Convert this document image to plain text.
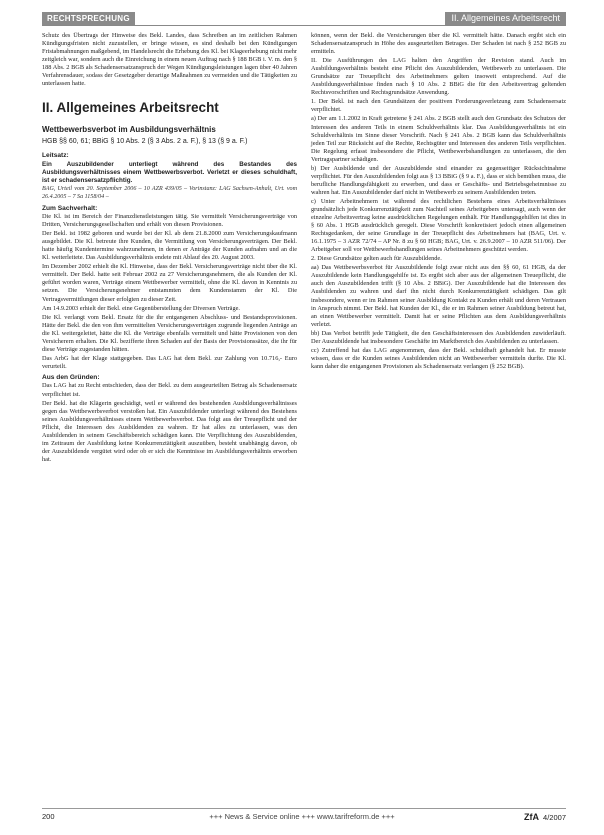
RECHTSPRECHUNG	II. Allgemeines Arbeitsrecht

Schutz des Übertrags der Hinweise des Bekl. Landes, dass Schreiben an im zeitlichen Rahmen Kündigungsfristen nicht zuzustellen, er bringe wissen, es sind deshalb bei den Kündigungen Fristabmahnungen maßgebend, im Handelsrecht die Erhebung des Kl. bei Klageerhebung nicht mehr zeitgleich war, sondern auch die Einreichung in einem neuen Auftrag nach § 188 BGB i. V. m. den § 188 Abs. 2 BGB als Schadensersatzanspruch der Wegen Kündigungsleistungen lagen über 40 Jahren Verfahrensdauer, sodass der Gesetzgeber derartige Maßnahmen zu vermeiden und die Tätigkeiten zu unterlassen hatte.

II. Allgemeines Arbeitsrecht
Wettbewerbsverbot im Ausbildungsverhältnis
HGB §§ 60, 61; BBiG § 10 Abs. 2 (§ 3 Abs. 2 a. F.), § 13 (§ 9 a. F.)
Leitsatz:

Ein Auszubildender unterliegt während des Bestandes des Ausbildungsverhältnisses einem Wettbewerbsverbot. Verletzt er dieses schuldhaft, ist er schadensersatzpflichtig.

BAG, Urteil vom 20. September 2006 – 10 AZR 439/05 – Vorinstanz: LAG Sachsen-Anhalt, Urt. vom 26.4.2005 – 7 Sa 1158/04 –

Zum Sachverhalt:

Die Kl. ist im Bereich der Finanzdienstleistungen tätig. Sie vermittelt Versicherungsverträge von Dritten, Versicherungsgesellschaften und erhält von diesen Provisionen.

Der Bekl. ist 1982 geboren und wurde bei der Kl. ab dem 21.8.2000 zum Versicherungskaufmann ausgebildet. Die Kl. betreute ihre Kunden, die Vermittlung von Versicherungsverträgen. Der Bekl. hatte häufig Kundentermine wahrzunehmen, in denen er Anträge der Kunden aufnahm und an die Kl. weiterleitete. Das Ausbildungsverhältnis endete mit Ablauf des 20. August 2003.

Im Dezember 2002 erhielt die Kl. Hinweise, dass der Bekl. Versicherungsverträge nicht über die Kl. vermittelt. Der Bekl. hatte seit Februar 2002 zu 27 Versicherungsnehmern, die als Kunden der Kl. geführt worden waren, Verträge einem Wettbewerber vermittelt, ohne die Kl. davon in Kenntnis zu setzen. Die Versicherungsnehmer entstammten dem Kundenstamm der Kl. Die Vertragsvermittlungen dieser erfolgten zu dieser Zeit.

Am 14.9.2003 erhielt der Bekl. eine Gegenüberstellung der Diversen Verträge.

Die Kl. verlangt vom Bekl. Ersatz für die ihr entgangenen Abschluss- und Bestandsprovisionen. Hätte der Bekl. die den von ihm vermittelten Versicherungsverträgen zugrunde liegenden Anträge an die Kl. weitergeleitet, hätte die Kl. die Verträge ebenfalls vermittelt und hätte Provisionen von den Versicherern erhalten. Die Kl. bezifferte ihren Schaden auf der Basis der Provisionssätze, die ihr für diese Verträge zugestanden hätten.

Das ArbG hat der Klage stattgegeben. Das LAG hat dem Bekl. zur Zahlung von 10.716,- Euro verurteilt.

Aus den Gründen:

Das LAG hat zu Recht entschieden, dass der Bekl. zu dem ausgeurteilten Betrag als Schadensersatz verpflichtet ist.

Der Bekl. hat die Klägerin geschädigt, weil er während des bestehenden Ausbildungsverhältnisses gegen das Wettbewerbsverbot verstoßen hat. Ein Auszubildender unterliegt während des Bestehens seines Ausbildungsverhältnisses einem Wettbewerbsverbot. Das folgt aus der Treuepflicht und der Pflicht, die Interessen des Ausbildenden zu wahren. Er hat alles zu unterlassen, was den Ausbildenden in seinem Geschäftsbereich schädigen kann. Die Verpflichtung des Auszubildenden, im Zeitraum der Ausbildung keine Konkurrenztätigkeit auszuüben, besteht unabhängig davon, ob der Auszubildende vergütet wird oder ob er sich die Kenntnisse im Ausbildungsverhältnis erworben hat.

können, wenn der Bekl. die Versicherungen über die Kl. vermittelt hätte. Danach ergibt sich ein Schadensersatzanspruch in Höhe des ausgeurteilten Betrages. Der Schaden ist nach § 252 BGB zu ermitteln.

II. Die Ausführungen des LAG halten den Angriffen der Revision stand. Auch im Ausbildungsverhältnis besteht eine Pflicht des Auszubildenden, Wettbewerb zu unterlassen. Die Grundsätze zur Treuepflicht des Arbeitnehmers gelten insoweit entsprechend. Auf die Ausbildungsverhältnisse finden nach § 10 Abs. 2 BBiG die für den Arbeitsvertrag geltenden Rechtsvorschriften und Rechtsgrundsätze Anwendung.

1. Der Bekl. ist nach den Grundsätzen der positiven Forderungsverletzung zum Schadensersatz verpflichtet.

a) Der am 1.1.2002 in Kraft getretene § 241 Abs. 2 BGB stellt auch den Grundsatz des Schutzes der Interessen des anderen Teils in einem Schuldverhältnis klar. Das Ausbildungsverhältnis ist ein Schuldverhältnis im Sinne dieser Vorschrift. Nach § 241 Abs. 2 BGB kann das Schuldverhältnis jeden Teil zur Rücksicht auf die Rechte, Rechtsgüter und Interessen des anderen Teils verpflichten. Die Regelung erfasst insbesondere die Pflicht, Wettbewerbshandlungen zu unterlassen, die den Vertragspartner schädigen.

b) Der Ausbildende und der Auszubildende sind einander zu gegenseitiger Rücksichtnahme verpflichtet. Für den Auszubildenden folgt aus § 13 BBiG (§ 9 a. F.), dass er sich bemühen muss, die berufliche Handlungsfähigkeit zu erwerben, und dass er Geschäfts- und Betriebsgeheimnisse zu wahren hat. Ein Auszubildender darf nicht in Wettbewerb zu seinem Ausbildenden treten.

c) Unter Arbeitnehmern ist während des rechtlichen Bestehens eines Arbeitsverhältnisses grundsätzlich jede Konkurrenztätigkeit zum Nachteil seines Arbeitgebers untersagt, auch wenn der einzelne Arbeitsvertrag keine ausdrücklichen Regelungen enthält. Für Handlungsgehilfen ist dies in § 60 Abs. 1 HGB ausdrücklich geregelt. Diese Vorschrift konkretisiert jedoch einen allgemeinen Rechtsgedanken, der seine Grundlage in der Treuepflicht des Arbeitnehmers hat (BAG, Urt. v. 16.1.1975 – 3 AZR 72/74 – AP Nr. 8 zu § 60 HGB; BAG, Urt. v. 26.9.2007 – 10 AZR 511/06). Der Arbeitgeber soll vor Wettbewerbshandlungen seines Arbeitnehmers geschützt werden.

2. Diese Grundsätze gelten auch für Auszubildende.

aa) Das Wettbewerbsverbot für Auszubildende folgt zwar nicht aus den §§ 60, 61 HGB, da der Auszubildende kein Handlungsgehilfe ist. Es ergibt sich aber aus der allgemeinen Treuepflicht, die auch den Auszubildenden trifft (§ 10 Abs. 2 BBiG). Der Auszubildende hat die Interessen des Ausbildenden zu wahren und darf ihn nicht durch Konkurrenztätigkeit schädigen. Das gilt insbesondere, wenn er im Rahmen seiner Ausbildung Kontakt zu Kunden erhält und deren Vertrauen in Anspruch nimmt. Der Bekl. hat Kunden der Kl., die er im Rahmen seiner Ausbildung betreut hat, an einen Wettbewerber vermittelt. Damit hat er seine Pflichten aus dem Ausbildungsverhältnis verletzt.

bb) Das Verbot betrifft jede Tätigkeit, die den Geschäftsinteressen des Ausbildenden zuwiderläuft. Der Auszubildende hat insbesondere Geschäfte im Marktbereich des Ausbildenden zu unterlassen.

cc) Zutreffend hat das LAG angenommen, dass der Bekl. schuldhaft gehandelt hat. Er musste wissen, dass er die Kunden seines Ausbildenden nicht an Wettbewerber vermitteln durfte. Die Kl. kann daher die entgangenen Provisionen als Schadensersatz verlangen (§ 252 BGB).

200	+++ News & Service online +++ www.tarifreform.de +++	ZfA 4/2007
